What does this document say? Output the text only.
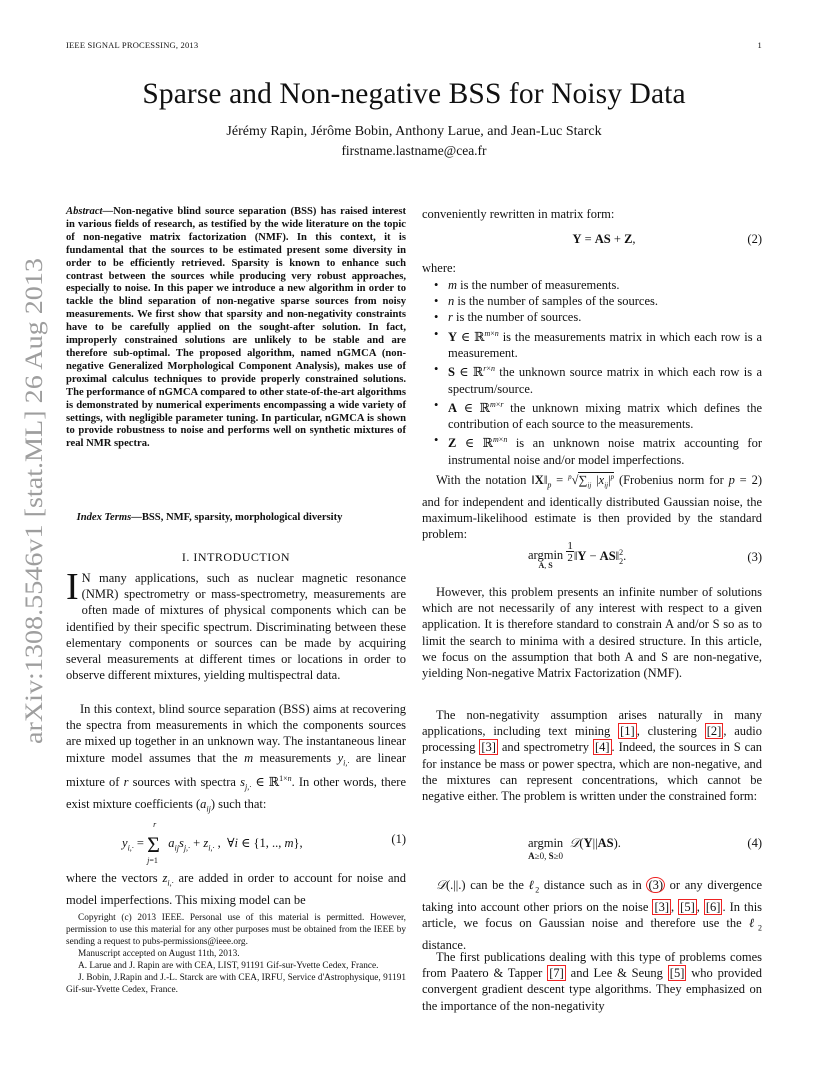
IEEE SIGNAL PROCESSING, 2013	1
arXiv:1308.5546v1 [stat.ML] 26 Aug 2013
Sparse and Non-negative BSS for Noisy Data
Jérémy Rapin, Jérôme Bobin, Anthony Larue, and Jean-Luc Starck
firstname.lastname@cea.fr
Abstract—Non-negative blind source separation (BSS) has raised interest in various fields of research, as testified by the wide literature on the topic of non-negative matrix factorization (NMF). In this context, it is fundamental that the sources to be estimated present some diversity in order to be efficiently retrieved. Sparsity is known to enhance such contrast between the sources while producing very robust approaches, especially to noise. In this paper we introduce a new algorithm in order to tackle the blind separation of non-negative sparse sources from noisy measurements. We first show that sparsity and non-negativity constraints have to be carefully applied on the sought-after solution. In fact, improperly constrained solutions are unlikely to be stable and are therefore sub-optimal. The proposed algorithm, named nGMCA (non-negative Generalized Morphological Component Analysis), makes use of proximal calculus techniques to provide properly constrained solutions. The performance of nGMCA compared to other state-of-the-art algorithms is demonstrated by numerical experiments encompassing a wide variety of settings, with negligible parameter tuning. In particular, nGMCA is shown to provide robustness to noise and performs well on synthetic mixtures of real NMR spectra.
Index Terms—BSS, NMF, sparsity, morphological diversity
I. INTRODUCTION
I N many applications, such as nuclear magnetic resonance (NMR) spectrometry or mass-spectrometry, measurements are often made of mixtures of physical components which can be identified by their specific spectrum. Discriminating between these elementary components or sources can be made by acquiring several measurements at different times or locations in order to observe different mixtures, yielding multispectral data.
In this context, blind source separation (BSS) aims at recovering the spectra from measurements in which the components sources are mixed up together in an unknown way. The instantaneous linear mixture model assumes that the m measurements $y_{i,\cdot}$ are linear mixture of r sources with spectra $s_{j,\cdot}$ ∈ ℝ$^{1\times n}$. In other words, there exist mixture coefficients $(a_{ij})$ such that:
$y_{i,\cdot} = \Sigma$
r
j=1
$a_{ij}s_{j,\cdot} + z_{i,\cdot}$ ,  ∀i ∈ {1, .., m},	(1)
where the vectors $z_{i,\cdot}$ are added in order to account for noise and model imperfections. This mixing model can be

Copyright (c) 2013 IEEE. Personal use of this material is permitted. However, permission to use this material for any other purposes must be obtained from the IEEE by sending a request to pubs-permissions@ieee.org.

Manuscript accepted on August 11th, 2013.

A. Larue and J. Rapin are with CEA, LIST, 91191 Gif-sur-Yvette Cedex, France.

J. Bobin, J.Rapin and J.-L. Starck are with CEA, IRFU, Service d'Astrophysique, 91191 Gif-sur-Yvette Cedex, France.

conveniently rewritten in matrix form:
Y = AS + Z,	(2)
where:
• m is the number of measurements.
• n is the number of samples of the sources.
• r is the number of sources.
• Y ∈ ℝ$^{m\times n}$ is the measurements matrix in which each row is a measurement.
• S ∈ ℝ$^{r\times n}$ the unknown source matrix in which each row is a spectrum/source.
• A ∈ ℝ$^{m\times r}$ the unknown mixing matrix which defines the contribution of each source to the measurements.
• Z ∈ ℝ$^{m\times n}$ is an unknown noise matrix accounting for instrumental noise and/or model imperfections.
With the notation $‖X‖_p = ^p√\sum_{ij}$ $|x_{ij}|^p$ (Frobenius norm for p = 2) and for independent and identically distributed Gaussian noise, the maximum-likelihood estimate is then provided by the standard problem:
argmin
$^{A, S}$ 1
2‖Y − AS‖$^2_2$.	(3)
However, this problem presents an infinite number of solutions which are not necessarily of any interest with respect to a given application. It is therefore standard to constrain A and/or S so as to limit the search to minima with a desired structure. In this article, we focus on the assumption that both A and S are non-negative, yielding Non-negative Matrix Factorization (NMF).
The non-negativity assumption arises naturally in many applications, including text mining [1] , clustering [2] , audio processing [3] and spectrometry [4] . Indeed, the sources in S can for instance be mass or power spectra, which are non-negative, and the mixtures can represent concentrations, which cannot be negative either. The problem is written under the constrained form:
argmin
$^{A\ge 0, S\ge 0}$  𝒟(Y||AS).	(4)
𝒟(.||.) can be the ℓ$_2$ distance such as in (3) or any divergence taking into account other priors on the noise [3] , [5] , [6] . In this article, we focus on Gaussian noise and therefore use the ℓ$_2$ distance.
The first publications dealing with this type of problems comes from Paatero & Tapper [7] and Lee & Seung [5] who provided convergent gradient descent type algorithms. They emphasized on the importance of the non-negativity
